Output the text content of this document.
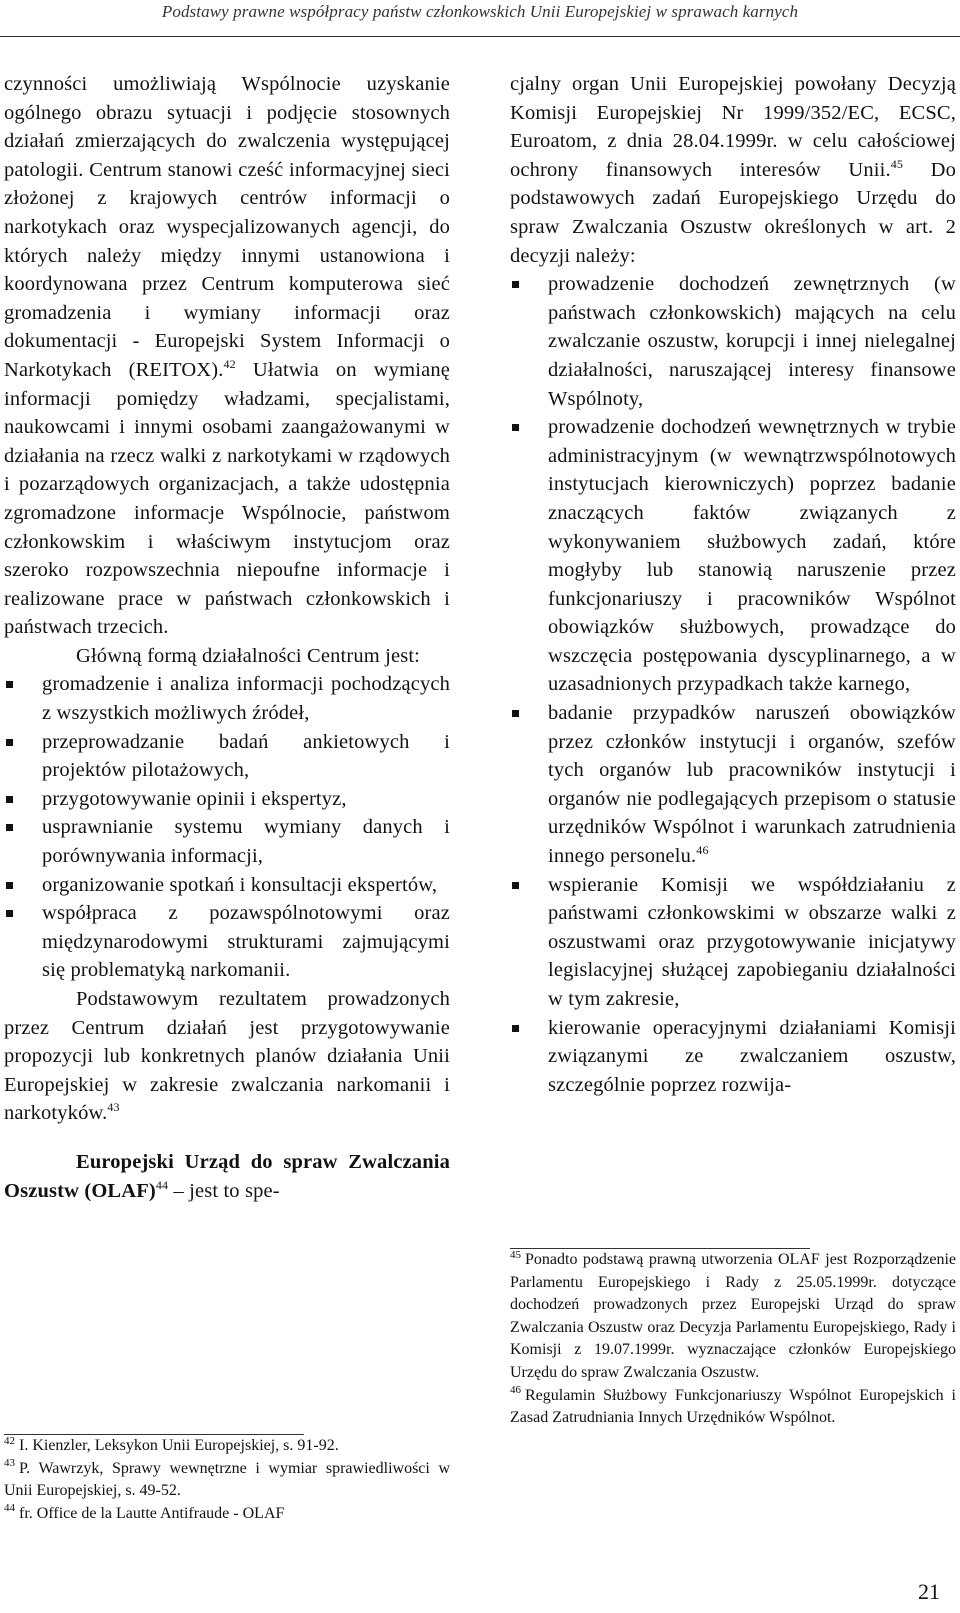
Podstawy prawne współpracy państw członkowskich Unii Europejskiej w sprawach karnych

czynności umożliwiają Wspólnocie uzyskanie ogólnego obrazu sytuacji i podjęcie stosownych działań zmierzających do zwalczenia występującej patologii. Centrum stanowi cześć informacyjnej sieci złożonej z krajowych centrów informacji o narkotykach oraz wyspecjalizowanych agencji, do których należy między innymi ustanowiona i koordynowana przez Centrum komputerowa sieć gromadzenia i wymiany informacji oraz dokumentacji - Europejski System Informacji o Narkotykach (REITOX).$^{42}$ Ułatwia on wymianę informacji pomiędzy władzami, specjalistami, naukowcami i innymi osobami zaangażowanymi w działania na rzecz walki z narkotykami w rządowych i pozarządowych organizacjach, a także udostępnia zgromadzone informacje Wspólnocie, państwom członkowskim i właściwym instytucjom oraz szeroko rozpowszechnia niepoufne informacje i realizowane prace w państwach członkowskich i państwach trzecich.

Główną formą działalności Centrum jest:

gromadzenie i analiza informacji pochodzących z wszystkich możliwych źródeł,
przeprowadzanie badań ankietowych i projektów pilotażowych,
przygotowywanie opinii i ekspertyz,
usprawnianie systemu wymiany danych i porównywania informacji,
organizowanie spotkań i konsultacji ekspertów,
współpraca z pozawspólnotowymi oraz międzynarodowymi strukturami zajmującymi się problematyką narkomanii.

Podstawowym rezultatem prowadzonych przez Centrum działań jest przygotowywanie propozycji lub konkretnych planów działania Unii Europejskiej w zakresie zwalczania narkomanii i narkotyków.$^{43}$

Europejski Urząd do spraw Zwalczania Oszustw (OLAF)$^{44}$ – jest to spe-

$^{42}$ I. Kienzler, Leksykon Unii Europejskiej, s. 91-92.
$^{43}$ P. Wawrzyk, Sprawy wewnętrzne i wymiar sprawiedliwości w Unii Europejskiej, s. 49-52.
$^{44}$ fr. Office de la Lautte Antifraude - OLAF

cjalny organ Unii Europejskiej powołany Decyzją Komisji Europejskiej Nr 1999/352/EC, ECSC, Euroatom, z dnia 28.04.1999r. w celu całościowej ochrony finansowych interesów Unii.$^{45}$ Do podstawowych zadań Europejskiego Urzędu do spraw Zwalczania Oszustw określonych w art. 2 decyzji należy:

prowadzenie dochodzeń zewnętrznych (w państwach członkowskich) mających na celu zwalczanie oszustw, korupcji i innej nielegalnej działalności, naruszającej interesy finansowe Wspólnoty,
prowadzenie dochodzeń wewnętrznych w trybie administracyjnym (w wewnątrzwspólnotowych instytucjach kierowniczych) poprzez badanie znaczących faktów związanych z wykonywaniem służbowych zadań, które mogłyby lub stanowią naruszenie przez funkcjonariuszy i pracowników Wspólnot obowiązków służbowych, prowadzące do wszczęcia postępowania dyscyplinarnego, a w uzasadnionych przypadkach także karnego,
badanie przypadków naruszeń obowiązków przez członków instytucji i organów, szefów tych organów lub pracowników instytucji i organów nie podlegających przepisom o statusie urzędników Wspólnot i warunkach zatrudnienia innego personelu.$^{46}$
wspieranie Komisji we współdziałaniu z państwami członkowskimi w obszarze walki z oszustwami oraz przygotowywanie inicjatywy legislacyjnej służącej zapobieganiu działalności w tym zakresie,
kierowanie operacyjnymi działaniami Komisji związanymi ze zwalczaniem oszustw, szczególnie poprzez rozwija-
$^{45}$ Ponadto podstawą prawną utworzenia OLAF jest Rozporządzenie Parlamentu Europejskiego i Rady z 25.05.1999r. dotyczące dochodzeń prowadzonych przez Europejski Urząd do spraw Zwalczania Oszustw oraz Decyzja Parlamentu Europejskiego, Rady i Komisji z 19.07.1999r. wyznaczające członków Europejskiego Urzędu do spraw Zwalczania Oszustw.
$^{46}$ Regulamin Służbowy Funkcjonariuszy Wspólnot Europejskich i Zasad Zatrudniania Innych Urzędników Wspólnot.
21
